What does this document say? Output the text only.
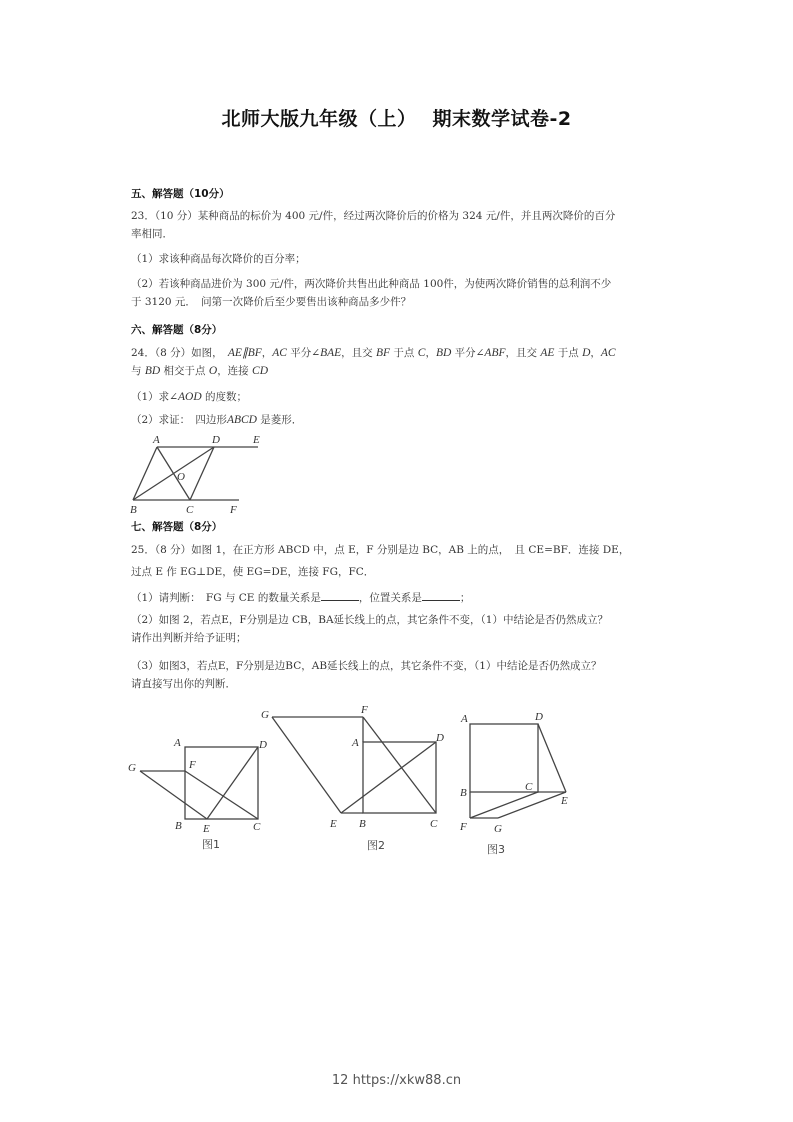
北师大版九年级（上） 期末数学试卷-2
五、解答题（10分）
23．（10 分）某种商品的标价为 400 元/件，经过两次降价后的价格为 324 元/件，并且两次降价的百分
率相同．
（1）求该种商品每次降价的百分率；
（2）若该种商品进价为 300 元/件，两次降价共售出此种商品 100件，为使两次降价销售的总利润不少
于 3120 元．　问第一次降价后至少要售出该种商品多少件？
六、解答题（8分）
24．（8 分）如图，　AE∥BF，AC 平分∠BAE，且交 BF 于点 C，BD 平分∠ABF，且交 AE 于点 D，AC
与 BD 相交于点 O，连接 CD
（1）求∠AOD 的度数；
（2）求证：　四边形ABCD 是菱形．
七、解答题（8分）
25．（8 分）如图 1，在正方形 ABCD 中，点 E，F 分别是边 BC，AB 上的点，　且 CE=BF．连接 DE，
过点 E 作 EG⊥DE，使 EG=DE，连接 FG，FC．
（1）请判断：　FG 与 CE 的数量关系是	，位置关系是	；
（2）如图 2，若点E，F分别是边 CB，BA延长线上的点，其它条件不变，（1）中结论是否仍然成立？
请作出判断并给予证明；
（3）如图3，若点E，F分别是边BC，AB延长线上的点，其它条件不变，（1）中结论是否仍然成立？
请直接写出你的判断．
A	D	E
O
B	C	F
A	D
G	F
B E	C
图1
G	F
A	D
E B	C
图2
A	D
B	C
E
F G
图3
12 https://xkw88.cn
